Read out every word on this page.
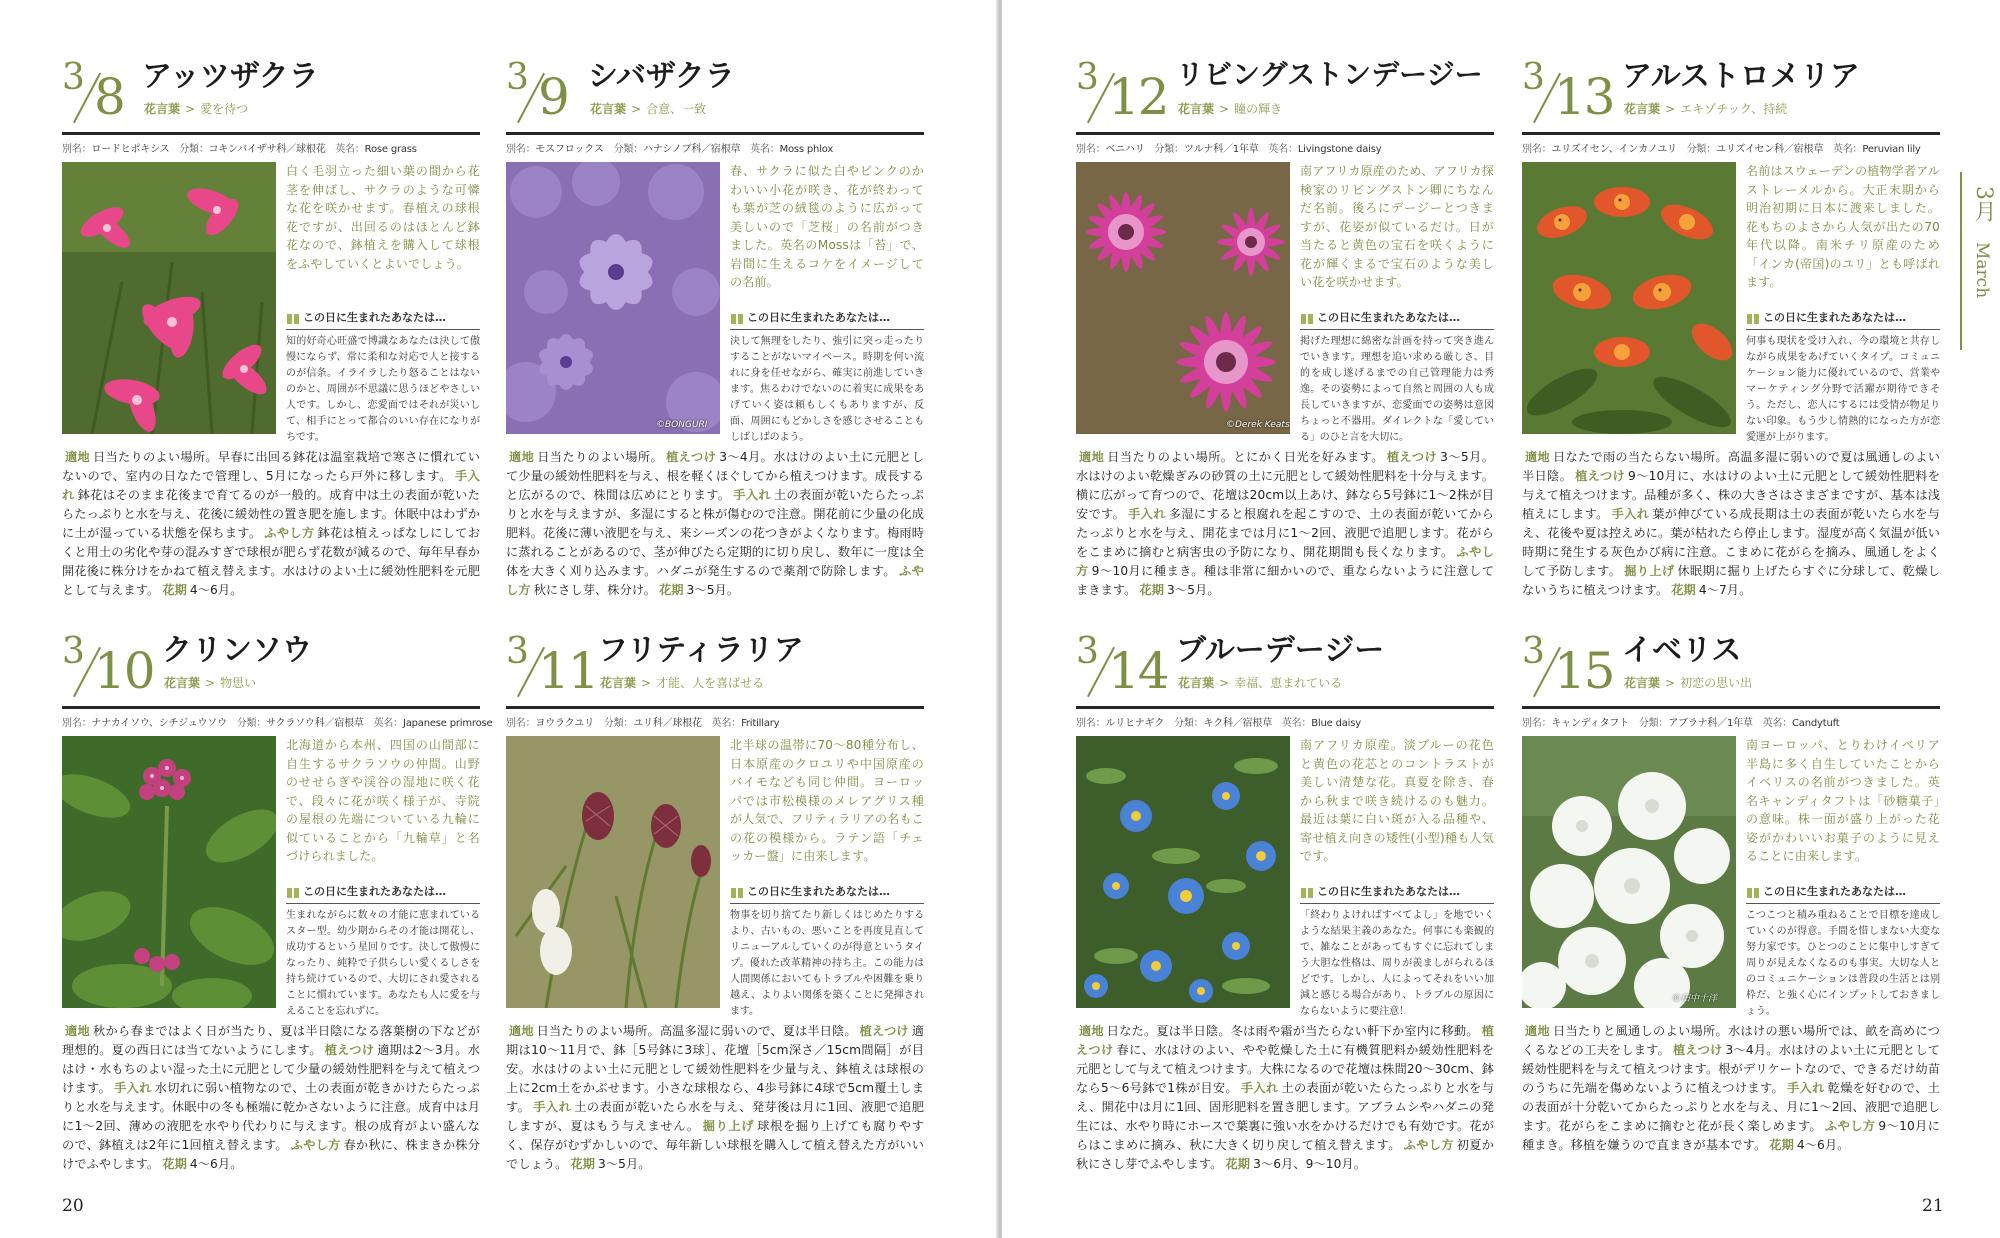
3 8 アッツザクラ
花言葉 > 愛を待つ
別名：ロードヒポキシス　 分類：コキンバイザサ科／球根花　 英名：Rose grass
白く毛羽立った細い葉の間から花茎を伸ばし、サクラのような可憐な花を咲かせます。春植えの球根花ですが、出回るのはほとんど鉢花なので、鉢植えを購入して球根をふやしていくとよいでしょう。
この日に生まれたあなたは…
知的好奇心旺盛で博識なあなたは決して傲慢にならず、常に柔和な対応で人と接するのが信条。イライラしたり怒ることはないのかと、周囲が不思議に思うほどやさしい人です。しかし、恋愛面ではそれが災いして、相手にとって都合のいい存在になりがちです。
適地 日当たりのよい場所。早春に出回る鉢花は温室栽培で寒さに慣れていないので、室内の日なたで管理し、5月になったら戸外に移します。 手入れ 鉢花はそのまま花後まで育てるのが一般的。成育中は土の表面が乾いたらたっぷりと水を与え、花後に緩効性の置き肥を施します。休眠中はわずかに土が湿っている状態を保ちます。 ふやし方 鉢花は植えっぱなしにしておくと用土の劣化や芽の混みすぎで球根が肥らず花数が減るので、毎年早春か開花後に株分けをかねて植え替えます。水はけのよい土に緩効性肥料を元肥として与えます。 花期 4〜6月。
3 9 シバザクラ
花言葉 > 合意、一致
別名：モスフロックス　 分類：ハナシノブ科／宿根草　 英名：Moss phlox
©BONGURI
春、サクラに似た白やピンクのかわいい小花が咲き、花が終わっても葉が芝の絨毯のように広がって美しいので「芝桜」の名前がつきました。英名のMossは「苔」で、岩間に生えるコケをイメージしての名前。
この日に生まれたあなたは…
決して無理をしたり、強引に突っ走ったりすることがないマイペース。時期を何い流れに身を任せながら、確実に前進していきます。焦るわけでないのに着実に成果をあげていく姿は頼もしくもありますが、反面、周囲にもどかしさを感じさせることもしばしばのよう。
適地 日当たりのよい場所。 植えつけ 3〜4月。水はけのよい土に元肥として少量の緩効性肥料を与え、根を軽くほぐしてから植えつけます。成長すると広がるので、株間は広めにとります。 手入れ 土の表面が乾いたらたっぷりと水を与えますが、多湿にすると株が傷むので注意。開花前に少量の化成肥料。花後に薄い液肥を与え、来シーズンの花つきがよくなります。梅雨時に蒸れることがあるので、茎が伸びたら定期的に切り戻し、数年に一度は全体を大きく刈り込みます。ハダニが発生するので薬剤で防除します。 ふやし方 秋にさし芽、株分け。 花期 3〜5月。
3 10 クリンソウ
花言葉 > 物思い
別名：ナナカイソウ、シチジュウソウ　 分類：サクラソウ科／宿根草　 英名：Japanese primrose
北海道から本州、四国の山間部に自生するサクラソウの仲間。山野のせせらぎや渓谷の湿地に咲く花で、段々に花が咲く様子が、寺院の屋根の先端についている九輪に似ていることから「九輪草」と名づけられました。
この日に生まれたあなたは…
生まれながらに数々の才能に恵まれているスター型。幼少期からその才能は開花し、成功するという星回りです。決して傲慢になったり、純粋で子供らしい愛くるしさを持ち続けているので、大切にされ愛されることに慣れています。あなたも人に愛を与えることを忘れずに。
適地 秋から春まではよく日が当たり、夏は半日陰になる落葉樹の下などが理想的。夏の西日には当てないようにします。 植えつけ 適期は2〜3月。水はけ・水もちのよい湿った土に元肥として少量の緩効性肥料を与えて植えつけます。 手入れ 水切れに弱い植物なので、土の表面が乾きかけたらたっぷりと水を与えます。休眠中の冬も極端に乾かさないように注意。成育中は月に1〜2回、薄めの液肥を水やり代わりに与えます。根の成育がよい盛んなので、鉢植えは2年に1回植え替えます。 ふやし方 春か秋に、株まきか株分けでふやします。 花期 4〜6月。
3 11 フリティラリア
花言葉 > 才能、人を喜ばせる
別名：ヨウラクユリ　 分類：ユリ科／球根花　 英名：Fritillary
北半球の温帯に70〜80種分布し、日本原産のクロユリや中国原産のバイモなども同じ仲間。ヨーロッパでは市松模様のメレアグリス種が人気で、フリティラリアの名もこの花の模様から。ラテン語「チェッカー盤」に由来します。
この日に生まれたあなたは…
物事を切り捨てたり新しくはじめたりするより、古いもの、悪いことを再度見直してリニューアルしていくのが得意というタイプ。優れた改革精神の持ち主。この能力は人間関係においてもトラブルや困難を乗り越え、よりよい関係を築くことに発揮されます。
適地 日当たりのよい場所。高温多湿に弱いので、夏は半日陰。 植えつけ 適期は10〜11月で、鉢［5号鉢に3球］、花壇［5cm深さ／15cm間隔］が目安。水はけのよい土に元肥として緩効性肥料を少量与え、鉢植えは球根の上に2cm土をかぶせます。小さな球根なら、4歩号鉢に4球で5cm覆土します。 手入れ 土の表面が乾いたら水を与え、発芽後は月に1回、液肥で追肥しますが、夏はもう与えません。 掘り上げ 球根を掘り上げても腐りやすく、保存がむずかしいので、毎年新しい球根を購入して植え替えた方がいいでしょう。 花期 3〜5月。
20
3 12 リビングストンデージー
花言葉 > 瞳の輝き
別名：ベニハリ　 分類：ツルナ科／1年草　 英名：Livingstone daisy
©Derek Keats
南アフリカ原産のため、アフリカ探検家のリビングストン卿にちなんだ名前。後ろにデージーとつきますが、花姿が似ているだけ。日が当たると黄色の宝石を咲くように花が輝くまるで宝石のような美しい花を咲かせます。
この日に生まれたあなたは…
掲げた理想に綿密な計画を持って突き進んでいきます。理想を追い求める厳しさ、目的を成し遂げるまでの自己管理能力は秀逸。その姿勢によって自然と周囲の人も成長していきますが、恋愛面での姿勢は意図ちょっと不器用。ダイレクトな「愛している」のひと言を大切に。
適地 日当たりのよい場所。とにかく日光を好みます。 植えつけ 3〜5月。水はけのよい乾燥ぎみの砂質の土に元肥として緩効性肥料を十分与えます。横に広がって育つので、花壇は20cm以上あけ、鉢なら5号鉢に1〜2株が目安です。 手入れ 多湿にすると根腐れを起こすので、土の表面が乾いてからたっぷりと水を与え、開花までは月に1〜2回、液肥で追肥します。花がらをこまめに摘むと病害虫の予防になり、開花期間も長くなります。 ふやし方 9〜10月に種まき。種は非常に細かいので、重ならないように注意してまきます。 花期 3〜5月。
3 13 アルストロメリア
花言葉 > エキゾチック、持続
別名：ユリズイセン、インカノユリ　 分類：ユリズイセン科／宿根草　 英名：Peruvian lily
名前はスウェーデンの植物学者アルストレーメルから。大正末期から明治初期に日本に渡来しました。花もちのよさから人気が出たの70年代以降。南米チリ原産のため「インカ(帝国)のユリ」とも呼ばれます。
この日に生まれたあなたは…
何事も現状を受け入れ、今の環境と共存しながら成果をあげていくタイプ。コミュニケーション能力に優れているので、営業やマーケティング分野で活躍が期待できそう。ただし、恋人にするには受情が物足りない印象。もう少し情熱的になった方が恋愛運が上がります。
適地 日なたで雨の当たらない場所。高温多湿に弱いので夏は風通しのよい半日陰。 植えつけ 9〜10月に、水はけのよい土に元肥として緩効性肥料を与えて植えつけます。品種が多く、株の大きさはさまざまですが、基本は浅植えにします。 手入れ 葉が伸びている成長期は土の表面が乾いたら水を与え、花後や夏は控えめに。葉が枯れたら停止します。湿度が高く気温が低い時期に発生する灰色かび病に注意。こまめに花がらを摘み、風通しをよくして予防します。 掘り上げ 休眠期に掘り上げたらすぐに分球して、乾燥しないうちに植えつけます。 花期 4〜7月。
3 14 ブルーデージー
花言葉 > 幸福、恵まれている
別名：ルリヒナギク　 分類：キク科／宿根草　 英名：Blue daisy
南アフリカ原産。淡ブルーの花色と黄色の花芯とのコントラストが美しい清楚な花。真夏を除き、春から秋まで咲き続けるのも魅力。最近は葉に白い斑が入る品種や、寄せ植え向きの矮性(小型)種も人気です。
この日に生まれたあなたは…
「終わりよければすべてよし」を地でいくような結果主義のあなた。何事にも楽観的で、雑なことがあってもすぐに忘れてしまう大胆な性格は、周りが羨ましがられるほどです。しかし、人によってそれをいい加減と感じる場合があり、トラブルの原因にならないように要注意！
適地 日なた。夏は半日陰。冬は雨や霜が当たらない軒下か室内に移動。 植えつけ 春に、水はけのよい、やや乾燥した土に有機質肥料か緩効性肥料を元肥として与えて植えつけます。大株になるので花壇は株間20〜30cm、鉢なら5〜6号鉢で1株が目安。 手入れ 土の表面が乾いたらたっぷりと水を与え、開花中は月に1回、固形肥料を置き肥します。アブラムシやハダニの発生には、水やり時にホースで葉裏に強い水をかけるだけでも有効です。花がらはこまめに摘み、秋に大きく切り戻して植え替えます。 ふやし方 初夏か秋にさし芽でふやします。 花期 3〜6月、9〜10月。
3 15 イベリス
花言葉 > 初恋の思い出
別名：キャンディタフト　 分類：アブラナ科／1年草　 英名：Candytuft
©田中十洋
南ヨーロッパ、とりわけイベリア半島に多く自生していたことからイベリスの名前がつきました。英名キャンディタフトは「砂糖菓子」の意味。株一面が盛り上がった花姿がかわいいお菓子のように見えることに由来します。
この日に生まれたあなたは…
こつこつと積み重ねることで目標を達成していくのが得意。手間を惜しまない大変な努力家です。ひとつのことに集中しすぎて周りが見えなくなるのも事実。大切な人とのコミュニケーションは普段の生活とは別枠だ、と強く心にインプットしておきましょう。
適地 日当たりと風通しのよい場所。水はけの悪い場所では、畝を高めにつくるなどの工夫をします。 植えつけ 3〜4月。水はけのよい土に元肥として緩効性肥料を与えて植えつけます。根がデリケートなので、できるだけ幼苗のうちに先端を傷めないように植えつけます。 手入れ 乾燥を好むので、土の表面が十分乾いてからたっぷりと水を与え、月に1〜2回、液肥で追肥します。花がらをこまめに摘むと花が長く楽しめます。 ふやし方 9〜10月に種まき。移植を嫌うので直まきが基本です。 花期 4〜6月。
21
3月
March
